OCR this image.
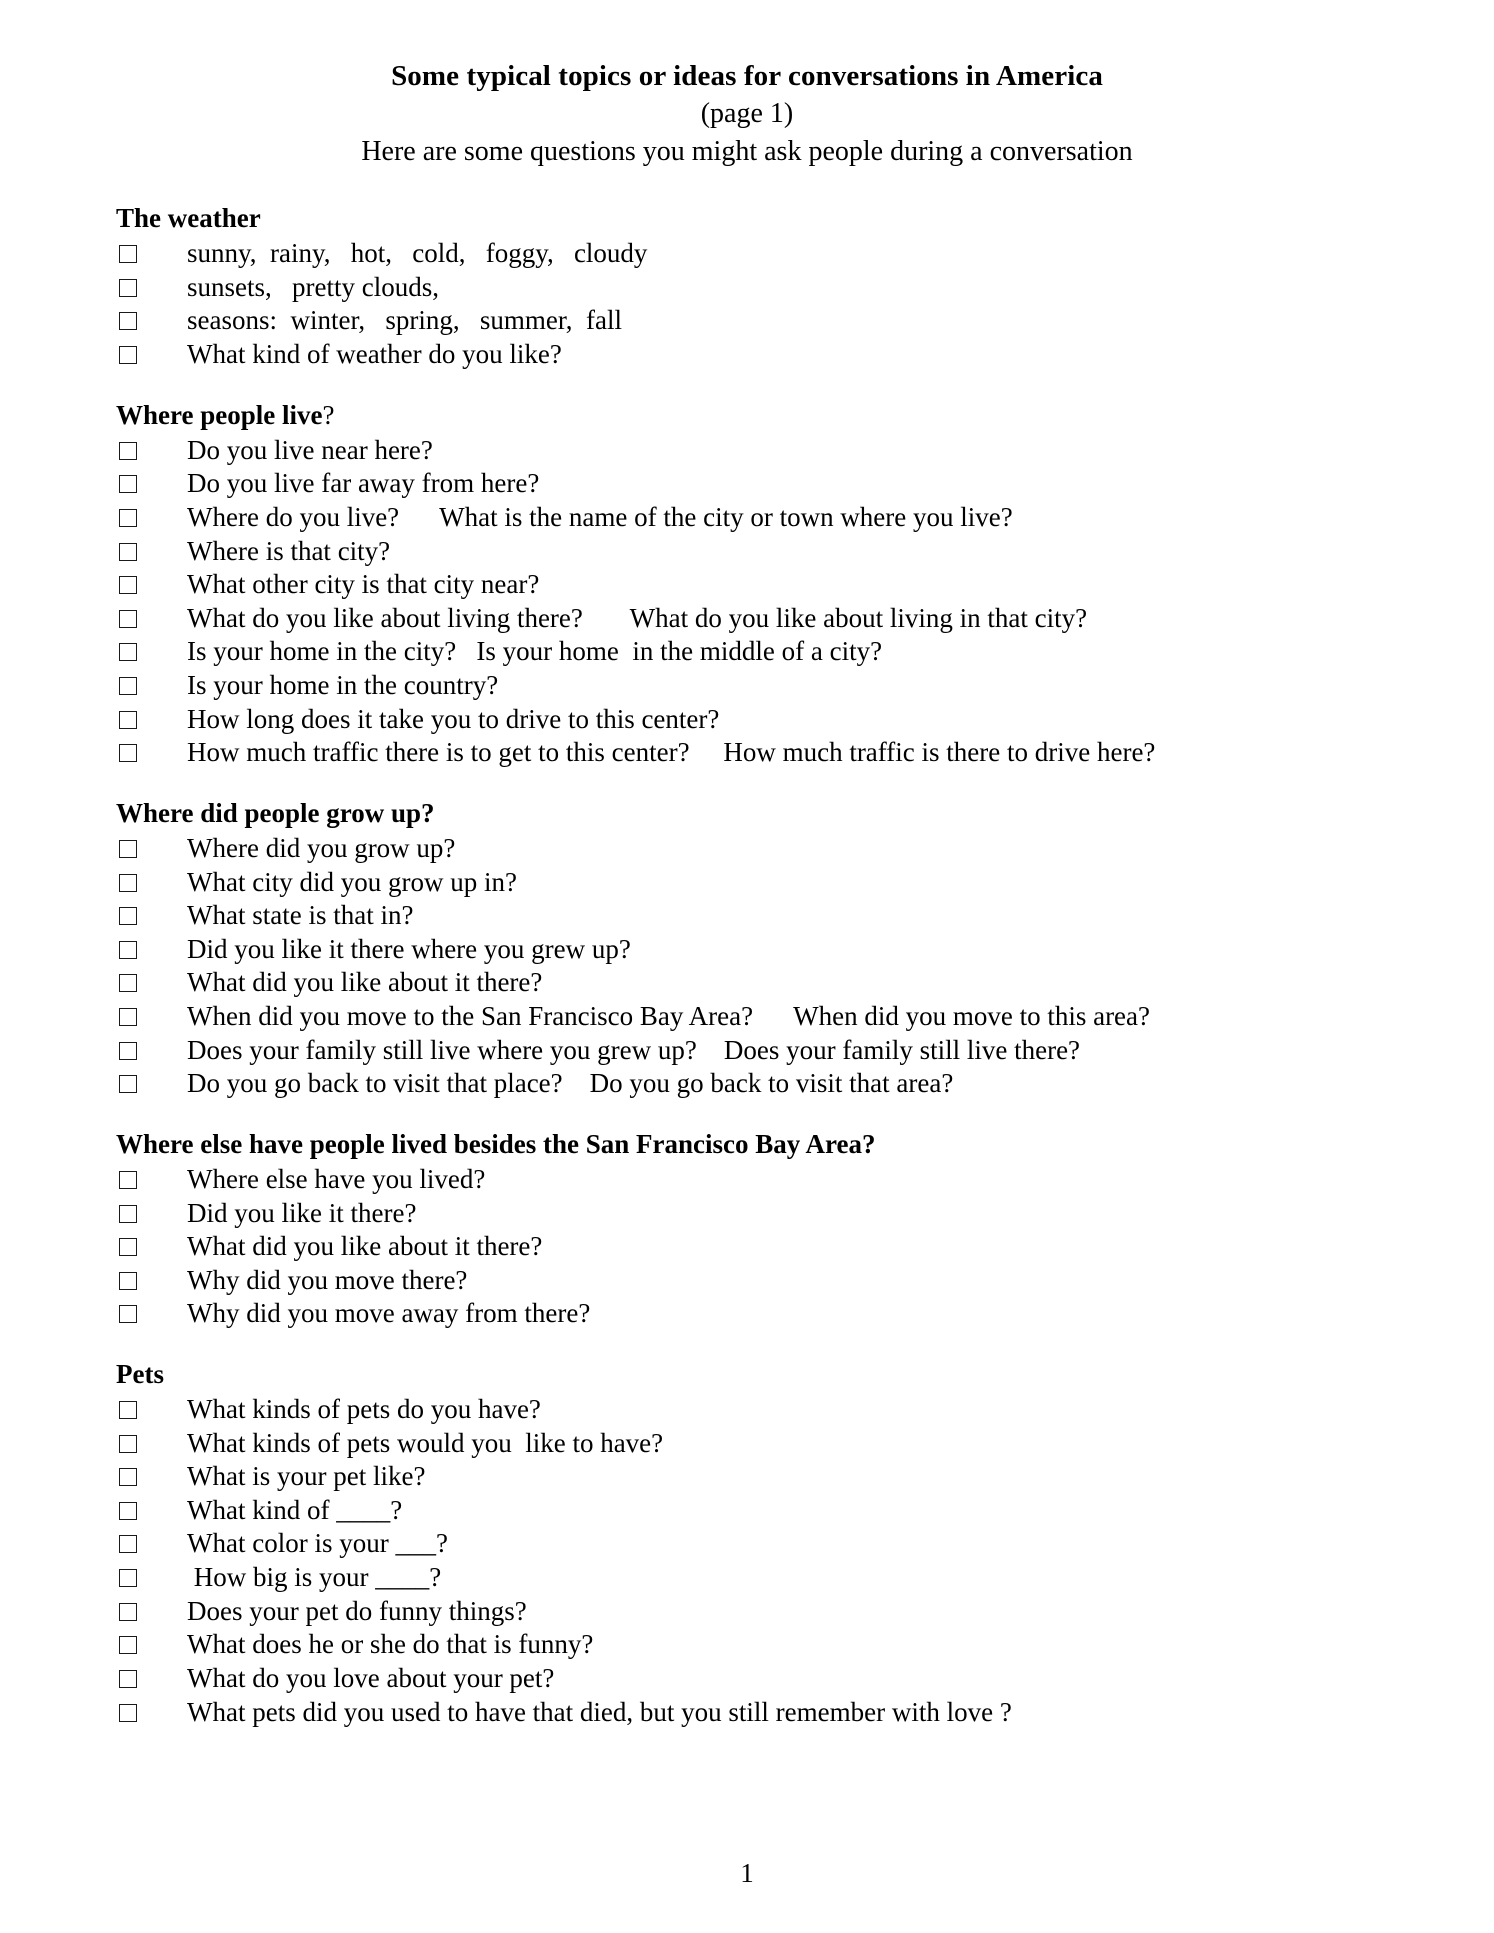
Some typical topics or ideas for conversations in America
(page 1)
Here are some questions you might ask people during a conversation
The weather
sunny,  rainy,   hot,   cold,   foggy,   cloudy
sunsets,   pretty clouds,
seasons:  winter,   spring,   summer,  fall
What kind of weather do you like?
Where people live?
Do you live near here?
Do you live far away from here?
Where do you live?      What is the name of the city or town where you live?
Where is that city?
What other city is that city near?
What do you like about living there?       What do you like about living in that city?
Is your home in the city?   Is your home  in the middle of a city?
Is your home in the country?
How long does it take you to drive to this center?
How much traffic there is to get to this center?     How much traffic is there to drive here?
Where did people grow up?
Where did you grow up?
What city did you grow up in?
What state is that in?
Did you like it there where you grew up?
What did you like about it there?
When did you move to the San Francisco Bay Area?      When did you move to this area?
Does your family still live where you grew up?    Does your family still live there?
Do you go back to visit that place?    Do you go back to visit that area?
Where else have people lived besides the San Francisco Bay Area?
Where else have you lived?
Did you like it there?
What did you like about it there?
Why did you move there?
Why did you move away from there?
Pets
What kinds of pets do you have?
What kinds of pets would you  like to have?
What is your pet like?
What kind of ____?
What color is your ___?
How big is your ____?
Does your pet do funny things?
What does he or she do that is funny?
What do you love about your pet?
What pets did you used to have that died, but you still remember with love ?
1
